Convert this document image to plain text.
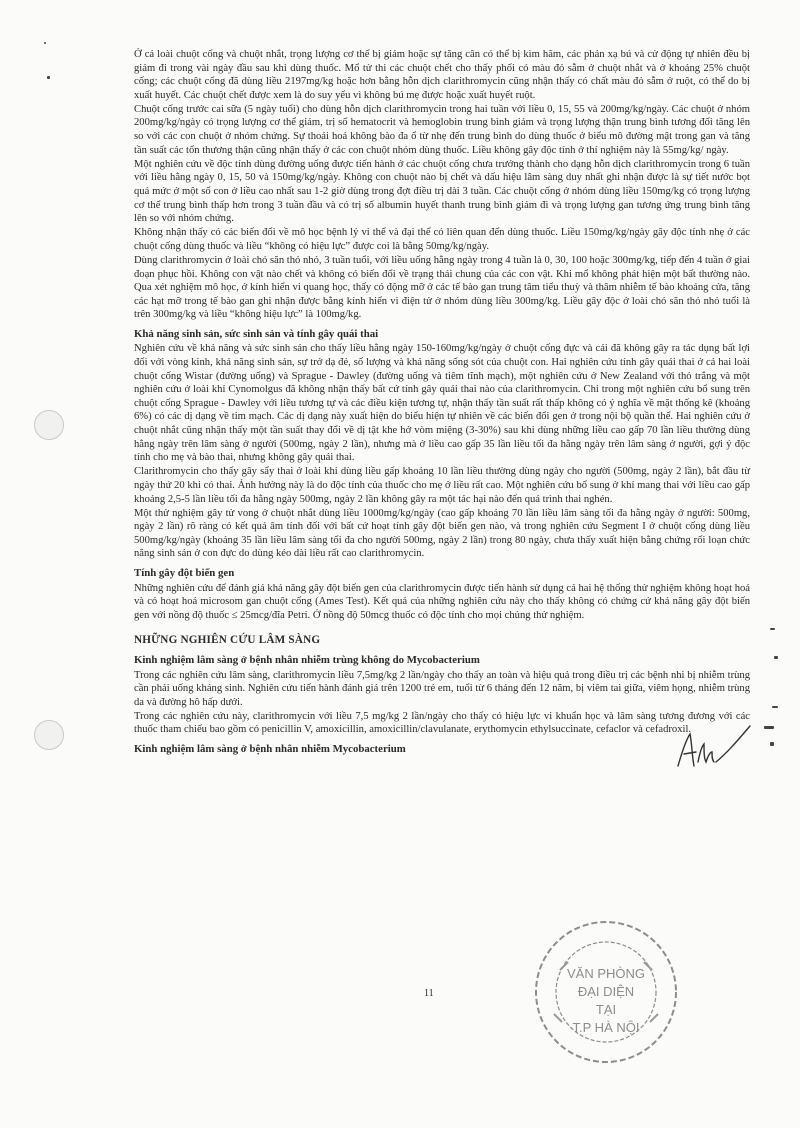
Ở cả loài chuột cống và chuột nhắt, trọng lượng cơ thể bị giảm hoặc sự tăng cân có thể bị kìm hãm, các phản xạ bú và cử động tự nhiên đều bị giảm đi trong vài ngày đầu sau khi dùng thuốc. Mổ tử thi các chuột chết cho thấy phổi có màu đỏ sẫm ở chuột nhắt và ở khoảng 25% chuột cống; các chuột cống đã dùng liều 2197mg/kg hoặc hơn bằng hỗn dịch clarithromycin cũng nhận thấy có chất màu đỏ sẫm ở ruột, có thể do bị xuất huyết. Các chuột chết được xem là do suy yếu vì không bú mẹ được hoặc xuất huyết ruột.

Chuột cống trước cai sữa (5 ngày tuổi) cho dùng hỗn dịch clarithromycin trong hai tuần với liều 0, 15, 55 và 200mg/kg/ngày. Các chuột ở nhóm 200mg/kg/ngày có trọng lượng cơ thể giảm, trị số hematocrit và hemoglobin trung bình giảm và trọng lượng thận trung bình tương đối tăng lên so với các con chuột ở nhóm chứng. Sự thoái hoá không bào đa ổ từ nhẹ đến trung bình do dùng thuốc ở biểu mô đường mật trong gan và tăng tần suất các tổn thương thận cũng nhận thấy ở các con chuột nhóm dùng thuốc. Liều không gây độc tính ở thí nghiệm này là 55mg/kg/ ngày.

Một nghiên cứu về độc tính dùng đường uống được tiến hành ở các chuột cống chưa trưởng thành cho dạng hỗn dịch clarithromycin trong 6 tuần với liều hằng ngày 0, 15, 50 và 150mg/kg/ngày. Không con chuột nào bị chết và dấu hiệu lâm sàng duy nhất ghi nhận được là sự tiết nước bọt quá mức ở một số con ở liều cao nhất sau 1-2 giờ dùng trong đợt điều trị dài 3 tuần. Các chuột cống ở nhóm dùng liều 150mg/kg có trọng lượng cơ thể trung bình thấp hơn trong 3 tuần đầu và có trị số albumin huyết thanh trung bình giảm đi và trọng lượng gan tương ứng trung bình tăng lên so với nhóm chứng.

Không nhận thấy có các biến đổi về mô học bệnh lý vi thể và đại thể có liên quan đến dùng thuốc. Liều 150mg/kg/ngày gây độc tính nhẹ ở các chuột cống dùng thuốc và liều “không có hiệu lực” được coi là bằng 50mg/kg/ngày.

Dùng clarithromycin ở loài chó săn thỏ nhỏ, 3 tuần tuổi, với liều uống hằng ngày trong 4 tuần là 0, 30, 100 hoặc 300mg/kg, tiếp đến 4 tuần ở giai đoạn phục hồi. Không con vật nào chết và không có biến đổi về trạng thái chung của các con vật. Khi mổ không phát hiện một bất thường nào. Qua xét nghiệm mô học, ở kính hiển vi quang học, thấy có động mỡ ở các tế bào gan trung tâm tiểu thuỳ và thâm nhiễm tế bào khoảng cửa, tăng các hạt mỡ trong tế bào gan ghi nhận được bằng kính hiển vi điện tử ở nhóm dùng liều 300mg/kg. Liều gây độc ở loài chó săn thỏ nhỏ tuổi là trên 300mg/kg và liều “không hiệu lực” là 100mg/kg.

Khả năng sinh sản, sức sinh sản và tính gây quái thai

Nghiên cứu về khả năng và sức sinh sản cho thấy liều hằng ngày 150-160mg/kg/ngày ở chuột cống đực và cái đã không gây ra tác dụng bất lợi đối với vòng kinh, khả năng sinh sản, sự trở dạ đẻ, số lượng và khả năng sống sót của chuột con. Hai nghiên cứu tính gây quái thai ở cả hai loài chuột cống Wistar (đường uống) và Sprague - Dawley (đường uống và tiêm tĩnh mạch), một nghiên cứu ở New Zealand với thỏ trắng và một nghiên cứu ở loài khỉ Cynomolgus đã không nhận thấy bất cứ tính gây quái thai nào của clarithromycin. Chỉ trong một nghiên cứu bổ sung trên chuột cống Sprague - Dawley với liều tương tự và các điều kiện tương tự, nhận thấy tần suất rất thấp không có ý nghĩa về mặt thống kê (khoảng 6%) có các dị dạng về tim mạch. Các dị dạng này xuất hiện do biểu hiện tự nhiên về các biến đổi gen ở trong nội bộ quần thể. Hai nghiên cứu ở chuột nhắt cũng nhận thấy một tần suất thay đổi về dị tật khe hở vòm miệng (3-30%) sau khi dùng những liều cao gấp 70 lần liều thường dùng hằng ngày trên lâm sàng ở người (500mg, ngày 2 lần), nhưng mà ở liều cao gấp 35 lần liều tối đa hằng ngày trên lâm sàng ở người, gợi ý độc tính cho mẹ và bào thai, nhưng không gây quái thai.

Clarithromycin cho thấy gây sẩy thai ở loài khỉ dùng liều gấp khoảng 10 lần liều thường dùng ngày cho người (500mg, ngày 2 lần), bắt đầu từ ngày thứ 20 khi có thai. Ảnh hưởng này là do độc tính của thuốc cho mẹ ở liều rất cao. Một nghiên cứu bổ sung ở khỉ mang thai với liều cao gấp khoảng 2,5-5 lần liều tối đa hằng ngày 500mg, ngày 2 lần không gây ra một tác hại nào đến quá trình thai nghén.

Một thử nghiệm gây tử vong ở chuột nhắt dùng liều 1000mg/kg/ngày (cao gấp khoảng 70 lần liều lâm sàng tối đa hằng ngày ở người: 500mg, ngày 2 lần) rõ ràng có kết quả âm tính đối với bất cứ hoạt tính gây đột biến gen nào, và trong nghiên cứu Segment I ở chuột cống dùng liều 500mg/kg/ngày (khoảng 35 lần liều lâm sàng tối đa cho người 500mg, ngày 2 lần) trong 80 ngày, chưa thấy xuất hiện bằng chứng rối loạn chức năng sinh sản ở con đực do dùng kéo dài liều rất cao clarithromycin.

Tính gây đột biến gen

Những nghiên cứu để đánh giá khả năng gây đột biến gen của clarithromycin được tiến hành sử dụng cả hai hệ thống thử nghiệm không hoạt hoá và có hoạt hoá microsom gan chuột cống (Ames Test). Kết quả của những nghiên cứu này cho thấy không có chứng cứ khả năng gây đột biến gen với nồng độ thuốc ≤ 25mcg/đĩa Petri. Ở nồng độ 50mcg thuốc có độc tính cho mọi chủng thử nghiệm.

NHỮNG NGHIÊN CỨU LÂM SÀNG
Kinh nghiệm lâm sàng ở bệnh nhân nhiễm trùng không do Mycobacterium

Trong các nghiên cứu lâm sàng, clarithromycin liều 7,5mg/kg 2 lần/ngày cho thấy an toàn và hiệu quả trong điều trị các bệnh nhi bị nhiễm trùng cần phải uống kháng sinh. Nghiên cứu tiến hành đánh giá trên 1200 trẻ em, tuổi từ 6 tháng đến 12 năm, bị viêm tai giữa, viêm họng, nhiễm trùng da và đường hô hấp dưới.

Trong các nghiên cứu này, clarithromycin với liều 7,5 mg/kg 2 lần/ngày cho thấy có hiệu lực vi khuẩn học và lâm sàng tương đương với các thuốc tham chiếu bao gồm có penicillin V, amoxicillin, amoxicillin/clavulanate, erythomycin ethylsuccinate, cefaclor và cefadroxil.

Kinh nghiệm lâm sàng ở bệnh nhân nhiễm Mycobacterium
11
VĂN PHÒNG
ĐẠI DIỆN
TẠI
T.P HÀ NỘI
